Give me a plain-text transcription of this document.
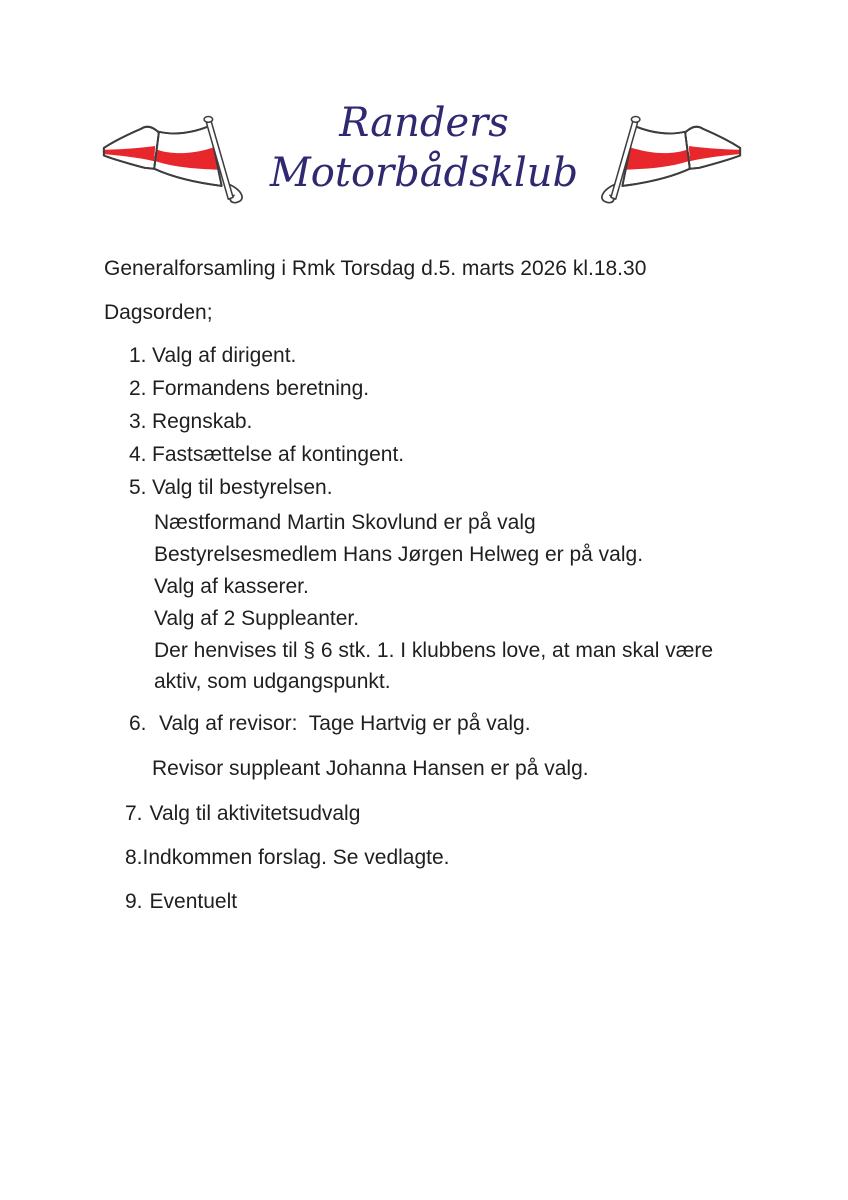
Randers
Motorbådsklub

Generalforsamling i Rmk Torsdag d.5. marts 2026 kl.18.30

Dagsorden;

1. Valg af dirigent.
2. Formandens beretning.
3. Regnskab.
4. Fastsættelse af kontingent.
5. Valg til bestyrelsen.
Næstformand Martin Skovlund er på valg
Bestyrelsesmedlem Hans Jørgen Helweg er på valg.
Valg af kasserer.
Valg af 2 Suppleanter.
Der henvises til § 6 stk. 1. I klubbens love, at man skal være aktiv, som udgangspunkt.
6. Valg af revisor:  Tage Hartvig er på valg.
Revisor suppleant Johanna Hansen er på valg.

7. Valg til aktivitetsudvalg

8.Indkommen forslag. Se vedlagte.

9. Eventuelt
